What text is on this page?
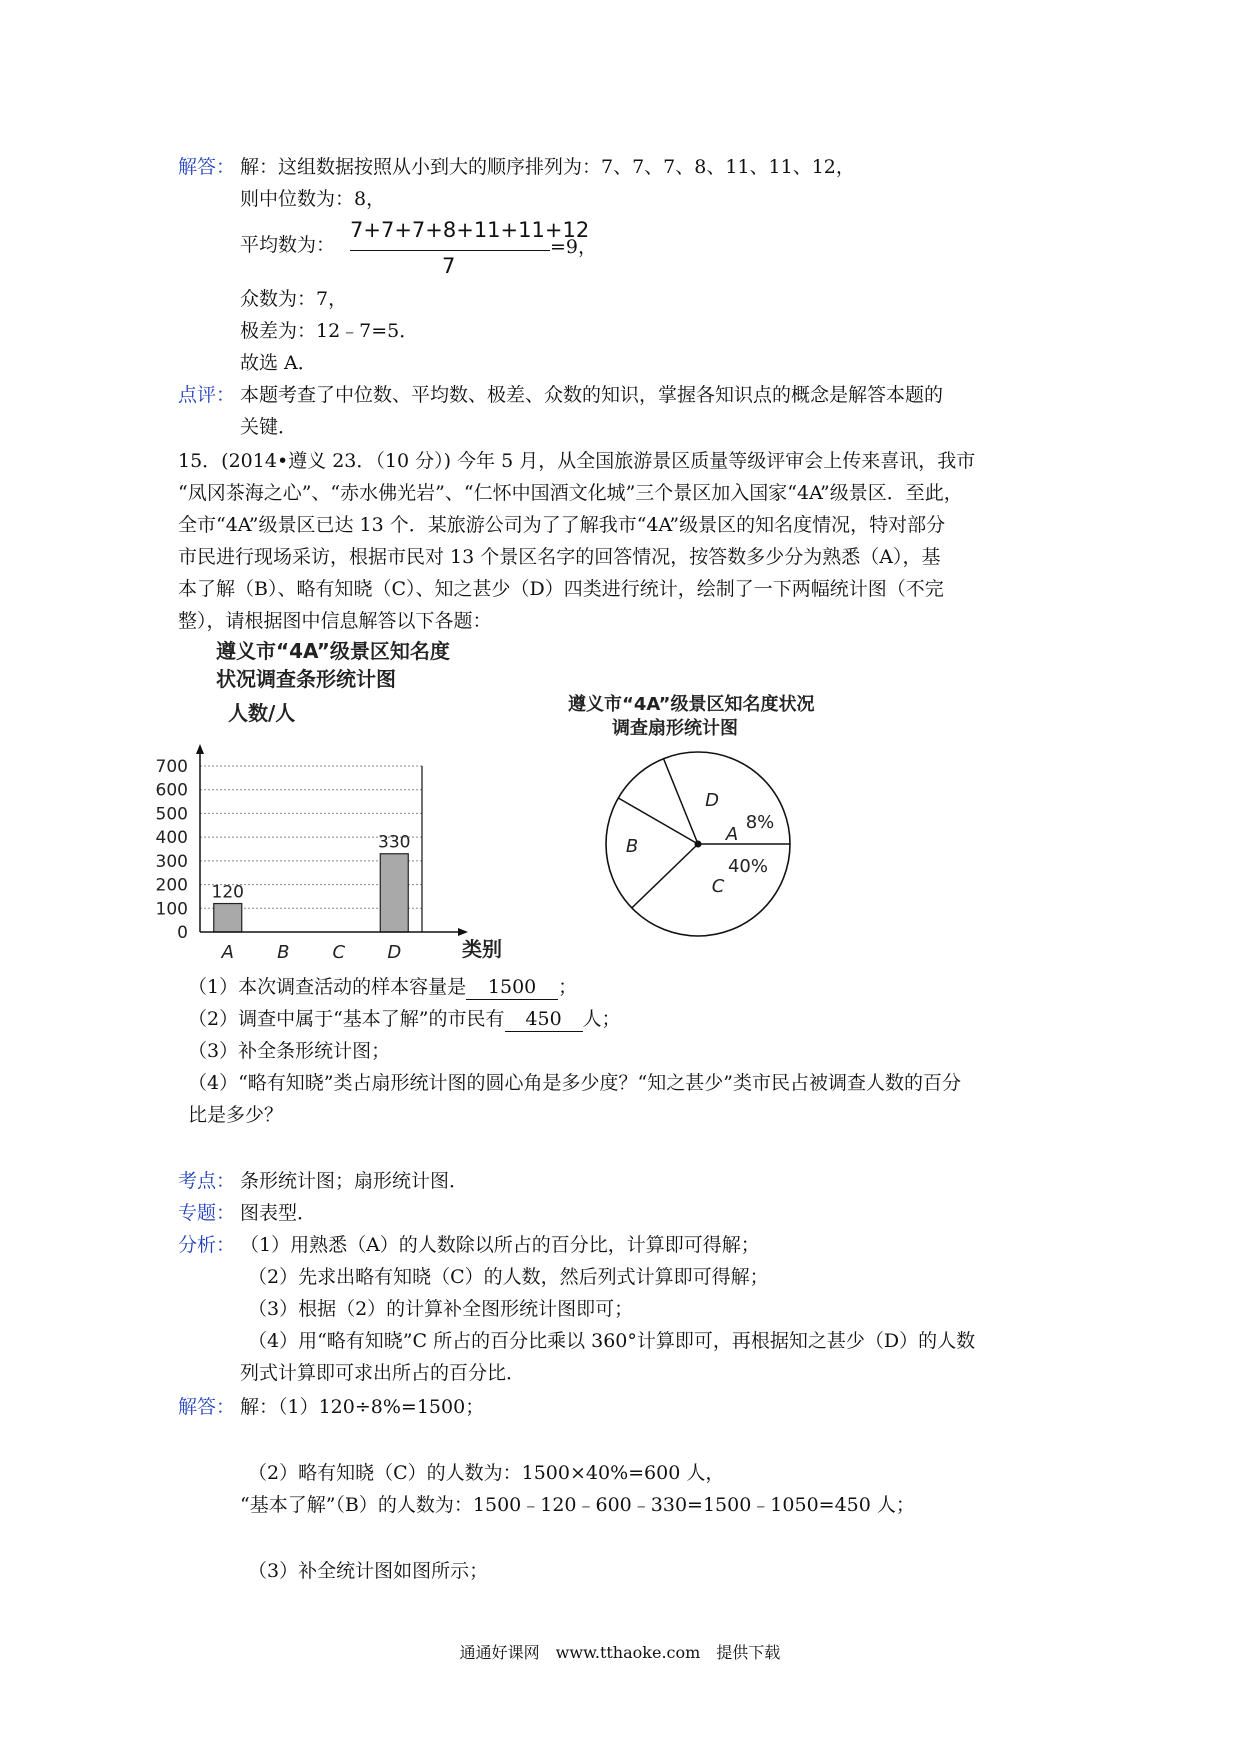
解答： 解：这组数据按照从小到大的顺序排列为：7、7、7、8、11、11、12，
则中位数为：8，
平均数为：
7+7+7+8+11+11+12
7
=9，
众数为：7，
极差为：12﹣7=5．
故选 A．
点评： 本题考查了中位数、平均数、极差、众数的知识，掌握各知识点的概念是解答本题的
关键．
15．(2014•遵义 23．（10 分）) 今年 5 月，从全国旅游景区质量等级评审会上传来喜讯，我市
“凤冈茶海之心”、“赤水佛光岩”、“仁怀中国酒文化城”三个景区加入国家“4A”级景区．至此，
全市“4A”级景区已达 13 个．某旅游公司为了了解我市“4A”级景区的知名度情况，特对部分
市民进行现场采访，根据市民对 13 个景区名字的回答情况，按答数多少分为熟悉（A），基
本了解（B）、略有知晓（C）、知之甚少（D）四类进行统计，绘制了一下两幅统计图（不完
整），请根据图中信息解答以下各题：
遵义市“4A”级景区知名度
状况调查条形统计图
人数/人
0
100
200
300
400
500
600
700
120
330
A B C D	类别
遵义市“4A”级景区知名度状况
调查扇形统计图
D
A
8%
B
40%
C
（1）本次调查活动的样本容量是 1500 ；
（2）调查中属于“基本了解”的市民有 450 人；
（3）补全条形统计图；
（4）“略有知晓”类占扇形统计图的圆心角是多少度？“知之甚少”类市民占被调查人数的百分
比是多少？
考点： 条形统计图；扇形统计图．
专题： 图表型．
分析： （1）用熟悉（A）的人数除以所占的百分比，计算即可得解；
（2）先求出略有知晓（C）的人数，然后列式计算即可得解；
（3）根据（2）的计算补全图形统计图即可；
（4）用“略有知晓”C 所占的百分比乘以 360°计算即可，再根据知之甚少（D）的人数
列式计算即可求出所占的百分比．
解答： 解：（1）120÷8%=1500；
（2）略有知晓（C）的人数为：1500×40%=600 人，
“基本了解”（B）的人数为：1500﹣120﹣600﹣330=1500﹣1050=450 人；
（3）补全统计图如图所示；
通通好课网　www.tthaoke.com　提供下载
